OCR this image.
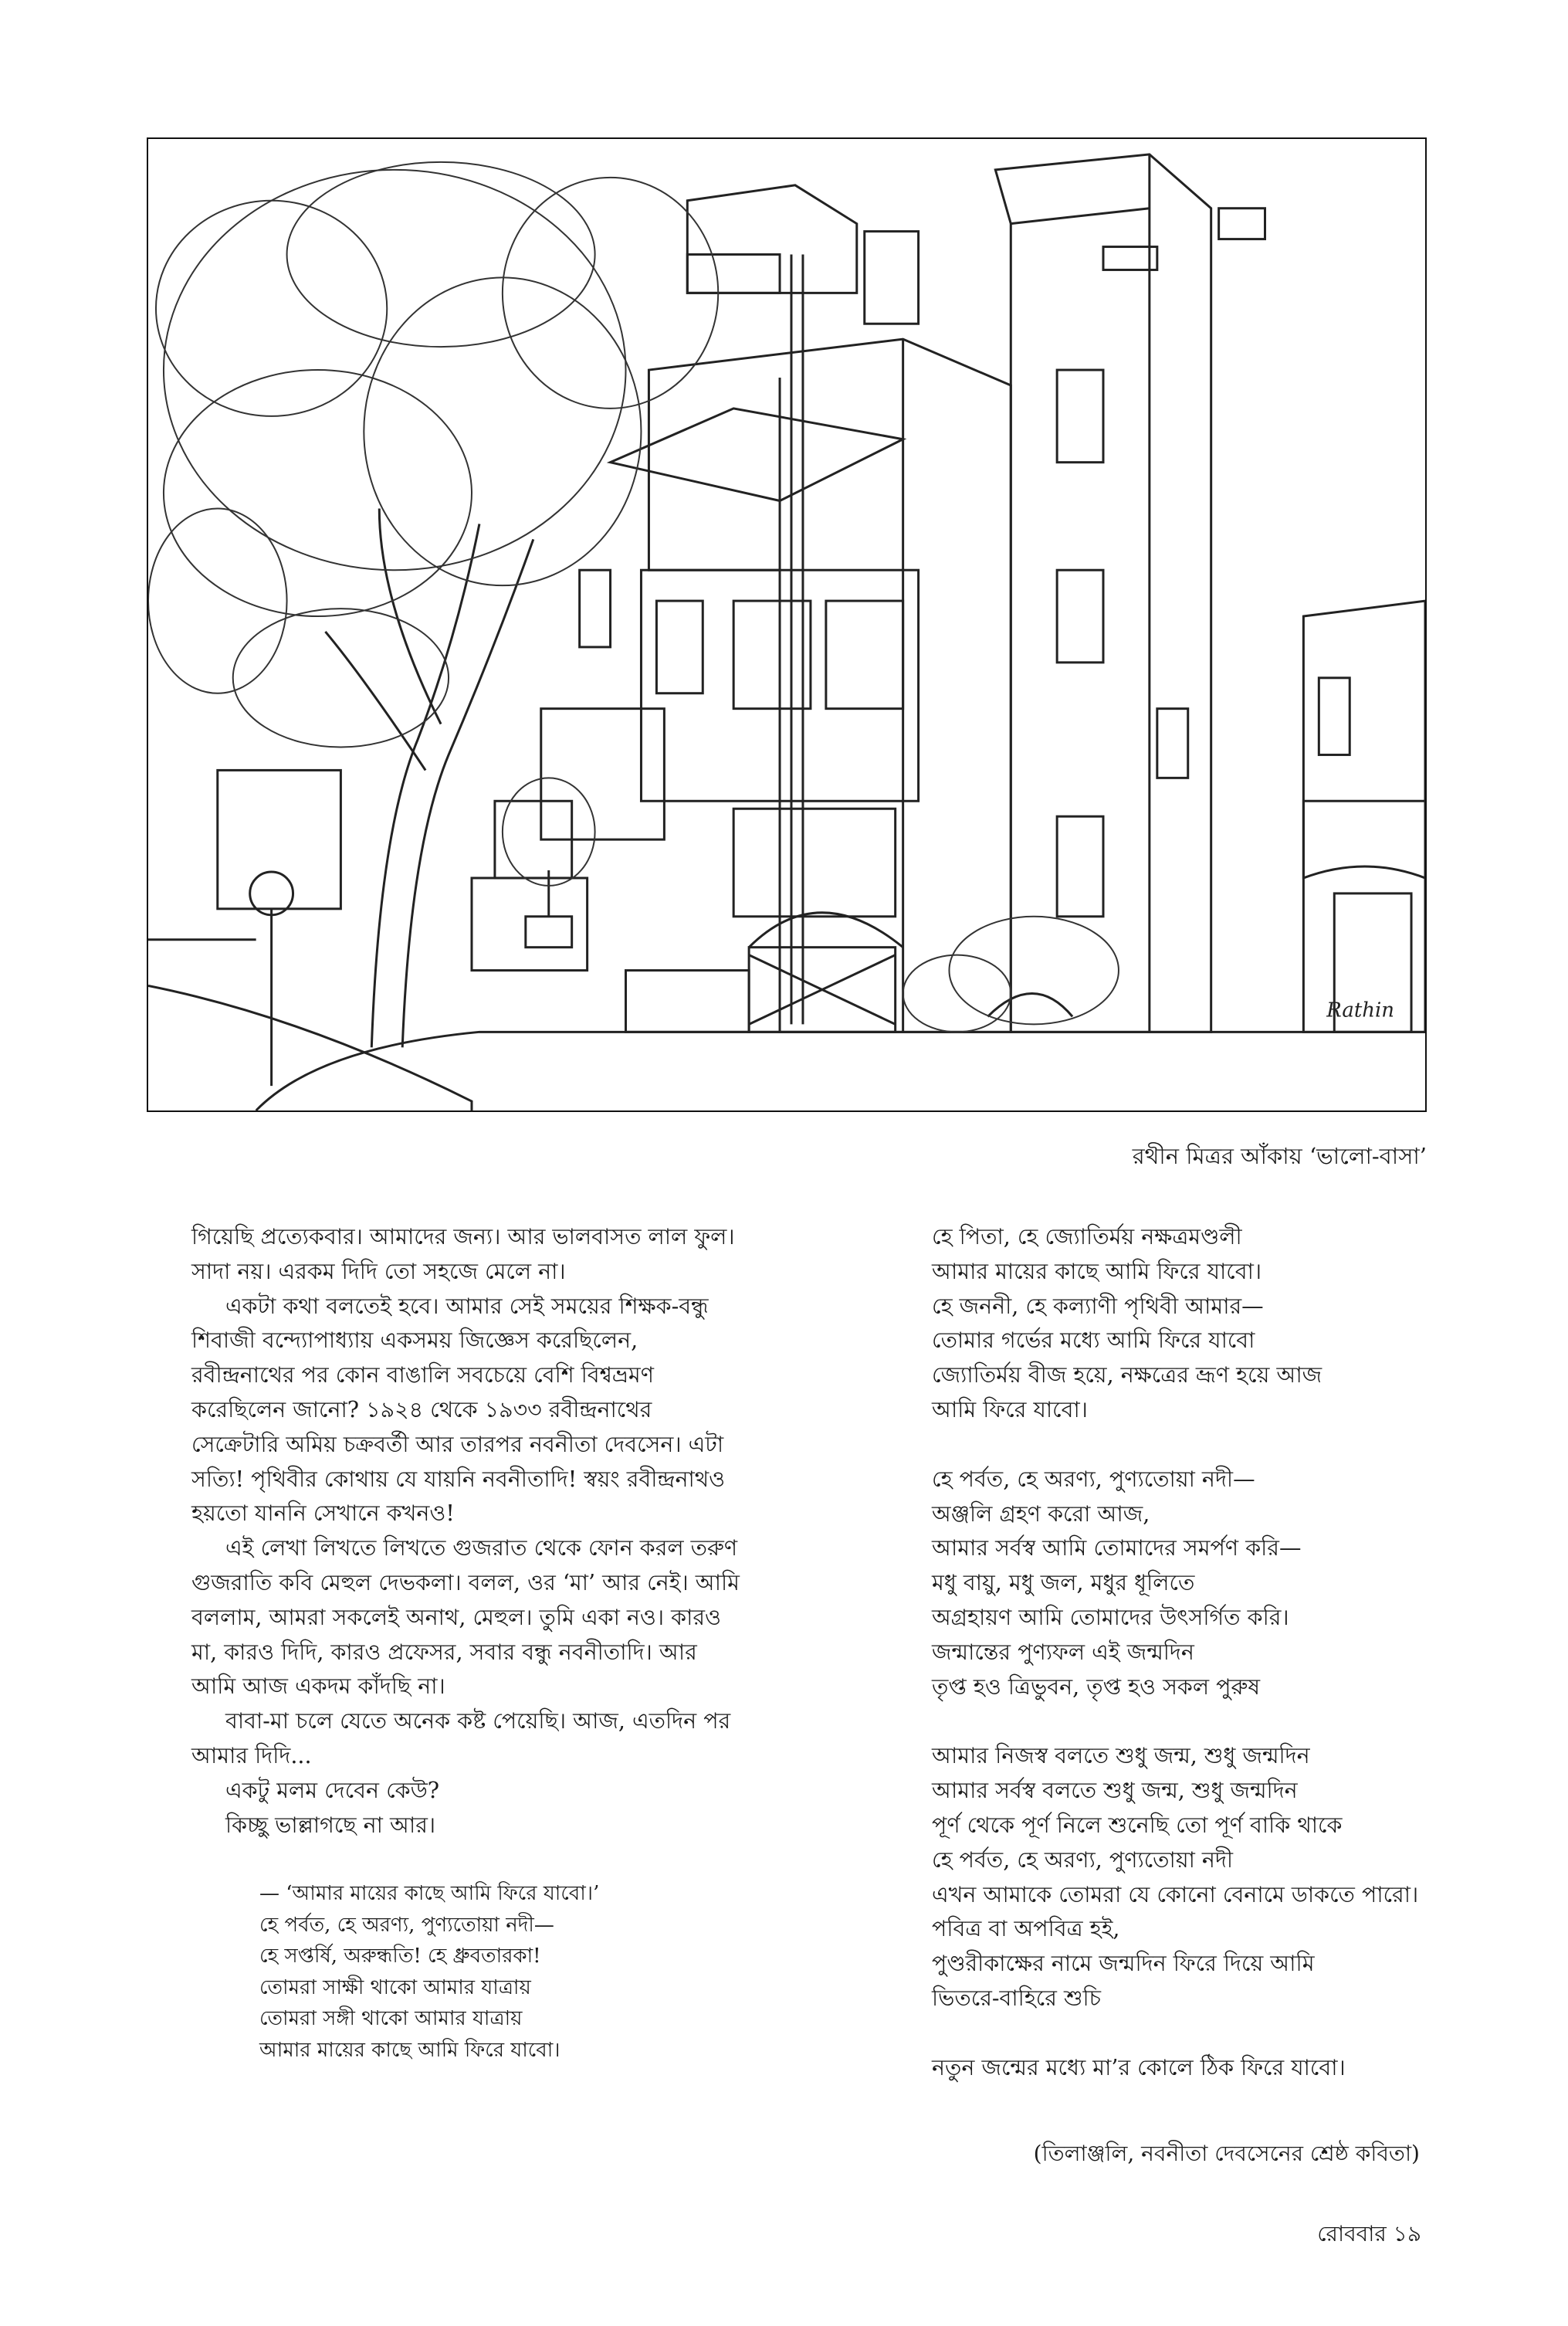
Rathin
রথীন মিত্রর আঁকায় ‘ভালো-বাসা’
গিয়েছি প্রত্যেকবার। আমাদের জন্য। আর ভালবাসত লাল ফুল।
সাদা নয়। এরকম দিদি তো সহজে মেলে না।
একটা কথা বলতেই হবে। আমার সেই সময়ের শিক্ষক-বন্ধু
শিবাজী বন্দ্যোপাধ্যায় একসময় জিজ্ঞেস করেছিলেন,
রবীন্দ্রনাথের পর কোন বাঙালি সবচেয়ে বেশি বিশ্বভ্রমণ
করেছিলেন জানো? ১৯২৪ থেকে ১৯৩৩ রবীন্দ্রনাথের
সেক্রেটারি অমিয় চক্রবর্তী আর তারপর নবনীতা দেবসেন। এটা
সত্যি! পৃথিবীর কোথায় যে যায়নি নবনীতাদি! স্বয়ং রবীন্দ্রনাথও
হয়তো যাননি সেখানে কখনও!
এই লেখা লিখতে লিখতে গুজরাত থেকে ফোন করল তরুণ
গুজরাতি কবি মেহুল দেভকলা। বলল, ওর ‘মা’ আর নেই। আমি
বললাম, আমরা সকলেই অনাথ, মেহুল। তুমি একা নও। কারও
মা, কারও দিদি, কারও প্রফেসর, সবার বন্ধু নবনীতাদি। আর
আমি আজ একদম কাঁদছি না।
বাবা-মা চলে যেতে অনেক কষ্ট পেয়েছি। আজ, এতদিন পর
আমার দিদি...
একটু মলম দেবেন কেউ?
কিচ্ছু ভাল্লাগছে না আর।
— ‘আমার মায়ের কাছে আমি ফিরে যাবো।’
হে পর্বত, হে অরণ্য, পুণ্যতোয়া নদী—
হে সপ্তর্ষি, অরুন্ধতি! হে ধ্রুবতারকা!
তোমরা সাক্ষী থাকো আমার যাত্রায়
তোমরা সঙ্গী থাকো আমার যাত্রায়
আমার মায়ের কাছে আমি ফিরে যাবো।
হে পিতা, হে জ্যোতির্ময় নক্ষত্রমণ্ডলী
আমার মায়ের কাছে আমি ফিরে যাবো।
হে জননী, হে কল্যাণী পৃথিবী আমার—
তোমার গর্ভের মধ্যে আমি ফিরে যাবো
জ্যোতির্ময় বীজ হয়ে, নক্ষত্রের ভ্রূণ হয়ে আজ
আমি ফিরে যাবো।
হে পর্বত, হে অরণ্য, পুণ্যতোয়া নদী—
অঞ্জলি গ্রহণ করো আজ,
আমার সর্বস্ব আমি তোমাদের সমর্পণ করি—
মধু বায়ু, মধু জল, মধুর ধূলিতে
অগ্রহায়ণ আমি তোমাদের উৎসর্গিত করি।
জন্মান্তের পুণ্যফল এই জন্মদিন
তৃপ্ত হও ত্রিভুবন, তৃপ্ত হও সকল পুরুষ
আমার নিজস্ব বলতে শুধু জন্ম, শুধু জন্মদিন
আমার সর্বস্ব বলতে শুধু জন্ম, শুধু জন্মদিন
পূর্ণ থেকে পূর্ণ নিলে শুনেছি তো পূর্ণ বাকি থাকে
হে পর্বত, হে অরণ্য, পুণ্যতোয়া নদী
এখন আমাকে তোমরা যে কোনো বেনামে ডাকতে পারো।
পবিত্র বা অপবিত্র হই,
পুণ্ডরীকাক্ষের নামে জন্মদিন ফিরে দিয়ে আমি
ভিতরে-বাহিরে শুচি
নতুন জন্মের মধ্যে মা’র কোলে ঠিক ফিরে যাবো।
(তিলাঞ্জলি, নবনীতা দেবসেনের শ্রেষ্ঠ কবিতা)
রোববার ১৯
